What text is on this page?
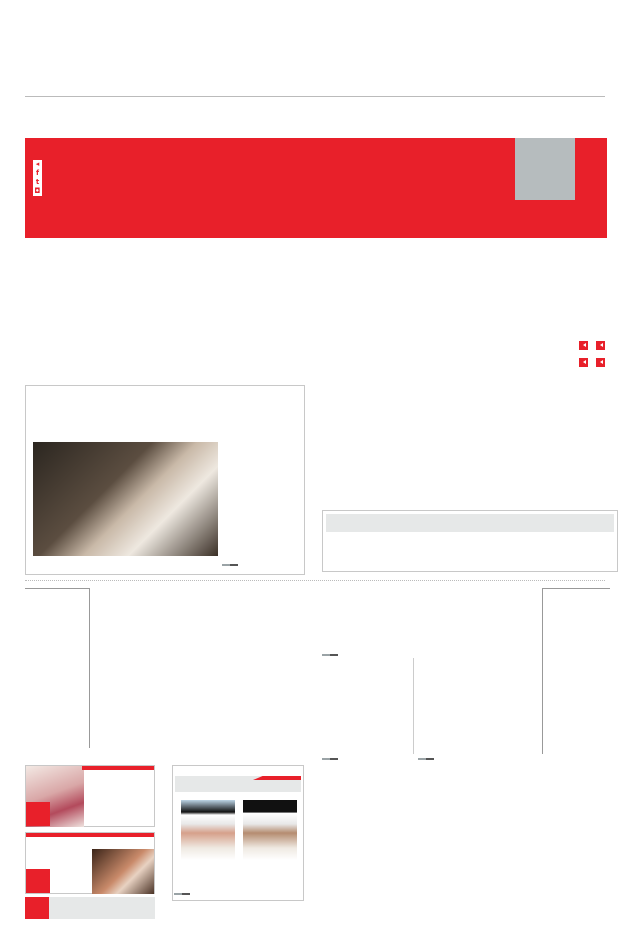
◂
f
t
◘
